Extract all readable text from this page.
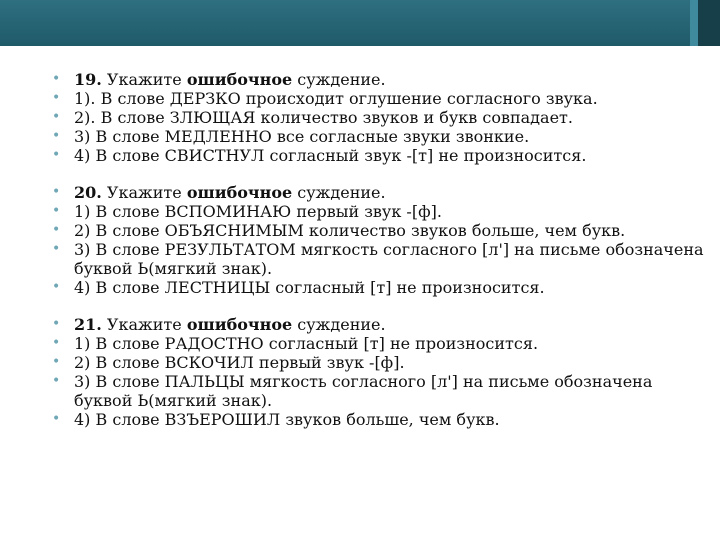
• 19. Укажите ошибочное суждение.
• 1). В слове ДЕРЗКО происходит оглушение согласного звука.
• 2). В слове ЗЛЮЩАЯ количество звуков и букв совпадает.
• 3) В слове МЕДЛЕННО все согласные звуки звонкие.
• 4) В слове СВИСТНУЛ согласный звук -[т] не произносится.
• 20. Укажите ошибочное суждение.
• 1) В слове ВСПОМИНАЮ первый звук -[ф].
• 2) В слове ОБЪЯСНИМЫМ количество звуков больше, чем букв.
• 3) В слове РЕЗУЛЬТАТОМ мягкость согласного [л'] на письме обозначена буквой Ь(мягкий знак).
• 4) В слове ЛЕСТНИЦЫ согласный [т] не произносится.
• 21. Укажите ошибочное суждение.
• 1) В слове РАДОСТНО согласный [т] не произносится.
• 2) В слове ВСКОЧИЛ первый звук -[ф].
• 3) В слове ПАЛЬЦЫ мягкость согласного [л'] на письме обозначена буквой Ь(мягкий знак).
• 4) В слове ВЗЪЕРОШИЛ звуков больше, чем букв.
